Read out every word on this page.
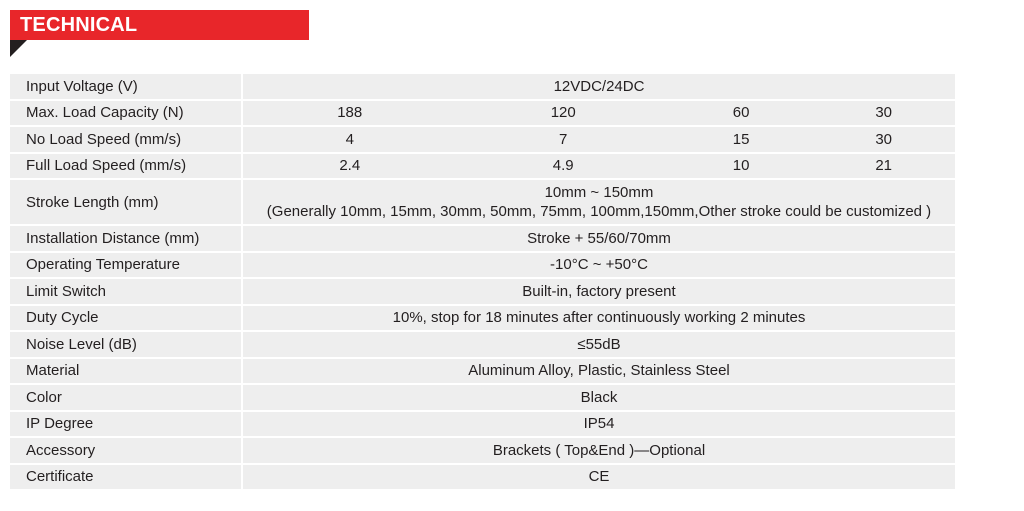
TECHNICAL SPECIFICATIONS
Input Voltage (V)	12VDC/24DC			
Max. Load Capacity (N)	188	120	60	30
No Load Speed (mm/s)	4	7	15	30
Full Load Speed (mm/s)	2.4	4.9	10	21
Stroke Length (mm)	10mm ~ 150mm
(Generally 10mm, 15mm, 30mm, 50mm, 75mm, 100mm,150mm,Other stroke could be customized )			

Installation Distance (mm)	Stroke + 55/60/70mm			
Operating Temperature	-10°C ~ +50°C			
Limit Switch	Built-in, factory present			
Duty Cycle	10%, stop for 18 minutes after continuously working 2 minutes			
Noise Level (dB)	≤55dB			
Material	Aluminum Alloy, Plastic, Stainless Steel			
Color	Black			
IP Degree	IP54			
Accessory	Brackets ( Top&End )—Optional			
Certificate	CE			
